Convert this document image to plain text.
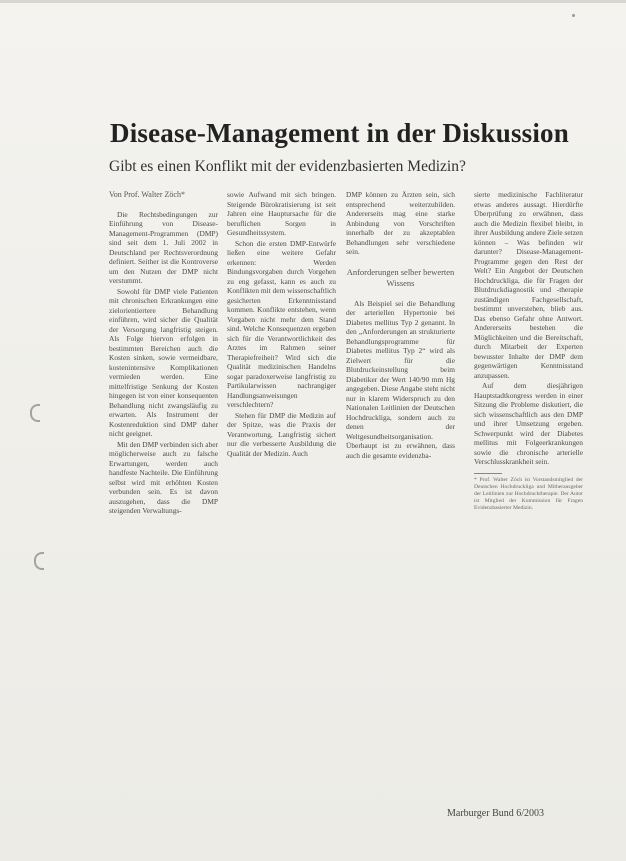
Disease-Management in der Diskussion
Gibt es einen Konflikt mit der evidenzbasierten Medizin?

Von Prof. Walter Zöch*

Die Rechtsbedingungen zur Einführung von Disease-Management-Programmen (DMP) sind seit dem 1. Juli 2002 in Deutschland per Rechtsverordnung definiert. Seither ist die Kontroverse um den Nutzen der DMP nicht verstummt.

Sowohl für DMP viele Patienten mit chronischen Erkrankungen eine zielorientiertere Behandlung einführen, wird sicher die Qualität der Versorgung langfristig steigen. Als Folge hiervon erfolgen in bestimmten Bereichen auch die Kosten sinken, sowie vermeidbare, kostenintensive Komplikationen vermieden werden. Eine mittelfristige Senkung der Kosten hingegen ist von einer konsequenten Behandlung nicht zwangsläufig zu erwarten. Als Instrument der Kostenreduktion sind DMP daher nicht geeignet.

Mit den DMP verbinden sich aber möglicherweise auch zu falsche Erwartungen, werden auch handfeste Nachteile. Die Einführung selbst wird mit erhöhten Kosten verbunden sein. Es ist davon auszugehen, dass die DMP steigenden Verwaltungs-

sowie Aufwand mit sich bringen. Steigende Bürokratisierung ist seit Jahren eine Hauptursache für die beruflichen Sorgen in Gesundheitssystem.

Schon die ersten DMP-Entwürfe ließen eine weitere Gefahr erkennen: Werden Bindungsvorgaben durch Vorgehen zu eng gefasst, kann es auch zu Konflikten mit dem wissenschaftlich gesicherten Erkenntnisstand kommen. Konflikte entstehen, wenn Vorgaben nicht mehr dem Stand sind. Welche Konsequenzen ergeben sich für die Verantwortlichkeit des Arztes im Rahmen seiner Therapiefreiheit? Wird sich die Qualität medizinischen Handelns sogar paradoxerweise langfristig zu Partikularwissen nachrangiger Handlungsanweisungen verschlechtern?

Stehen für DMP die Medizin auf der Spitze, was die Praxis der Verantwortung, Langfristig sichert nur die verbesserte Ausbildung die Qualität der Medizin. Auch

DMP können zu Ärzten sein, sich entsprechend weiterzubilden. Andererseits mag eine starke Anbindung von Vorschriften innerhalb der zu akzeptablen Behandlungen sehr verschiedene sein.

Anforderungen selber bewerten Wissens

Als Beispiel sei die Behandlung der arteriellen Hypertonie bei Diabetes mellitus Typ 2 genannt. In den „Anforderungen an strukturierte Behandlungsprogramme für Diabetes mellitus Typ 2“ wird als Zielwert für die Blutdruckeinstellung beim Diabetiker der Wert 140/90 mm Hg angegeben. Diese Angabe steht nicht nur in klarem Widerspruch zu den Nationalen Leitlinien der Deutschen Hochdruckliga, sondern auch zu denen der Weltgesundheitsorganisation. Überhaupt ist zu erwähnen, dass auch die gesamte evidenzba-

sierte medizinische Fachliteratur etwas anderes aussagt. Hierdürfte Überprüfung zu erwähnen, dass auch die Medizin flexibel bleibt, in ihrer Ausbildung andere Ziele setzen können – Was befinden wir darunter? Disease-Management-Programme gegen den Rest der Welt? Ein Angebot der Deutschen Hochdruckliga, die für Fragen der Blutdruckdiagnostik und -therapie zuständigen Fachgesellschaft, bestimmt unverstehen, blieb aus. Das ebenso Gefahr ohne Antwort. Andererseits bestehen die Möglichkeiten und die Bereitschaft, durch Mitarbeit der Experten bewusster Inhalte der DMP dem gegenwärtigen Kenntnisstand anzupassen.

Auf dem diesjährigen Hauptstadtkongress werden in einer Sitzung die Probleme diskutiert, die sich wissenschaftlich aus den DMP und ihrer Umsetzung ergeben. Schwerpunkt wird der Diabetes mellitus mit Folgeerkrankungen sowie die chronische arterielle Verschlusskrankheit sein.

* Prof. Walter Zöch ist Vorstandsmitglied der Deutschen Hochdruckliga und Mitherausgeber der Leitlinien zur Hochdrucktherapie. Der Autor ist Mitglied der Kommission für Fragen Evidenzbasierter Medizin.

Marburger Bund 6/2003
